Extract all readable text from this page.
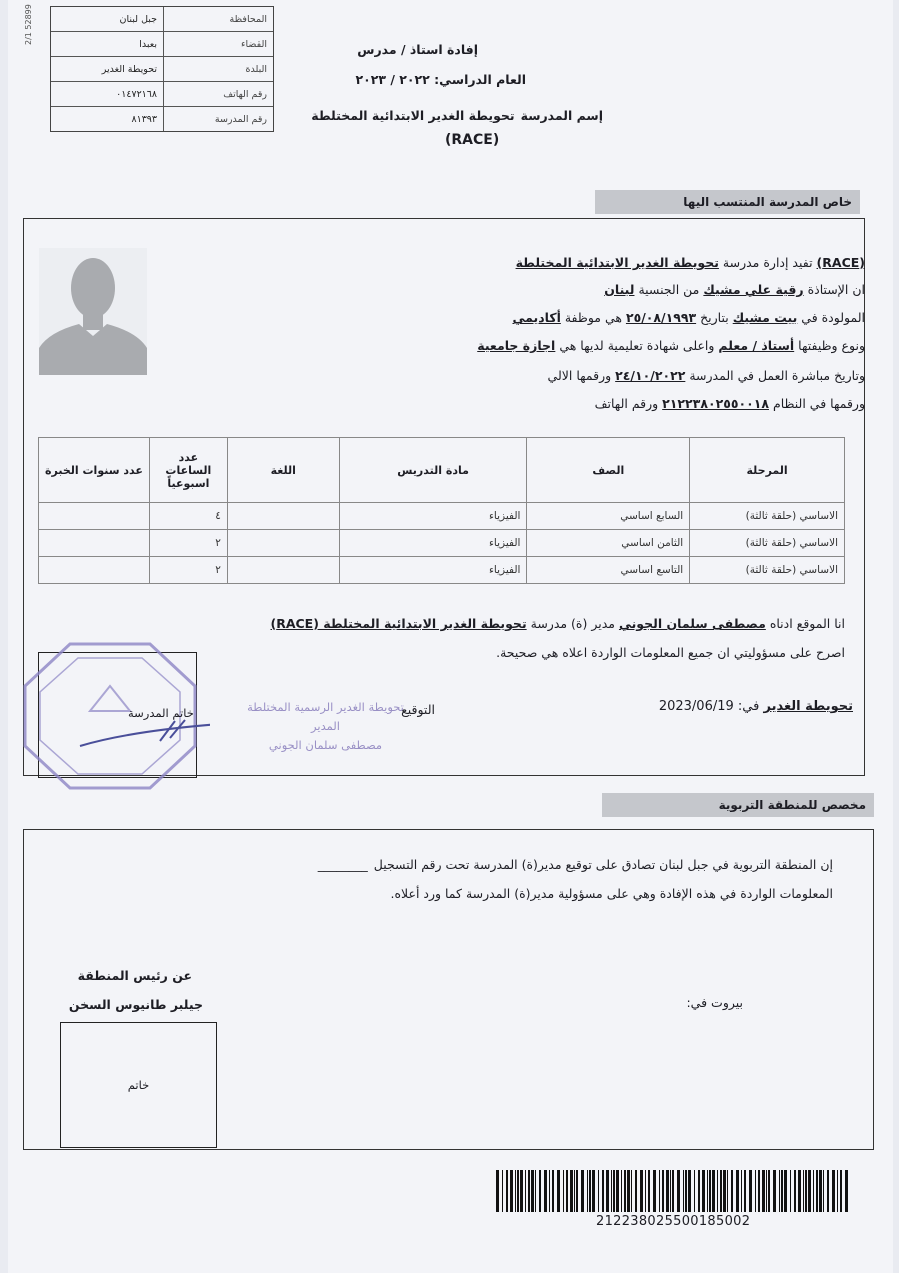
جبل لبنان	المحافظة
بعبدا	القضاء
تحويطة الغدير	البلدة
٠١٤٧٢١٦٨	رقم الهاتف
٨١٣٩٣	رقم المدرسة
2/1 52899
إفادة استاذ / مدرس
العام الدراسي: ٢٠٢٢ / ٢٠٢٣
إسم المدرسة
تحويطة الغدير الابتدائية المختلطة
(RACE)
خاص المدرسة المنتسب اليها
(RACE) تفيد إدارة مدرسة تحويطة الغدير الابتدائية المختلطة
ان الإستاذة رقية علي مشيك من الجنسية لبنان
المولودة في بيت مشيك بتاريخ ٢٥/٠٨/١٩٩٣ هي موظفة أكاديمي
ونوع وظيفتها أستاذ / معلم واعلى شهادة تعليمية لديها هي اجازة جامعية
وتاريخ مباشرة العمل في المدرسة ٢٤/١٠/٢٠٢٢ ورقمها الالي
ورقمها في النظام ٢١٢٢٣٨٠٢٥٥٠٠١٨ ورقم الهاتف
المرحلة	الصف	مادة التدريس	اللغة	عدد الساعات اسبوعياً	عدد سنوات الخبرة
الاساسي (حلقة ثالثة)	السابع اساسي	الفيزياء		٤	
الاساسي (حلقة ثالثة)	الثامن اساسي	الفيزياء		٢	
الاساسي (حلقة ثالثة)	التاسع اساسي	الفيزياء		٢	
انا الموقع ادناه مصطفى سلمان الجوني مدير (ة) مدرسة تحويطة الغدير الابتدائية المختلطة (RACE)
اصرح على مسؤوليتي ان جميع المعلومات الواردة اعلاه هي صحيحة.
تحويطة الغدير في: 2023/06/19
التوقيع
تحويطة الغدير الرسمية المختلطة
المدير
مصطفى سلمان الجوني
خاتم المدرسة
مخصص للمنطقة التربوية
إن المنطقة التربوية في جبل لبنان تصادق على توقيع مدير(ة) المدرسة تحت رقم التسجيل
________
المعلومات الواردة في هذه الإفادة وهي على مسؤولية مدير(ة) المدرسة كما ورد أعلاه.
عن رئيس المنطقة
جيلبر طانيوس السخن	بيروت في:
خاتم
212238025500185002
